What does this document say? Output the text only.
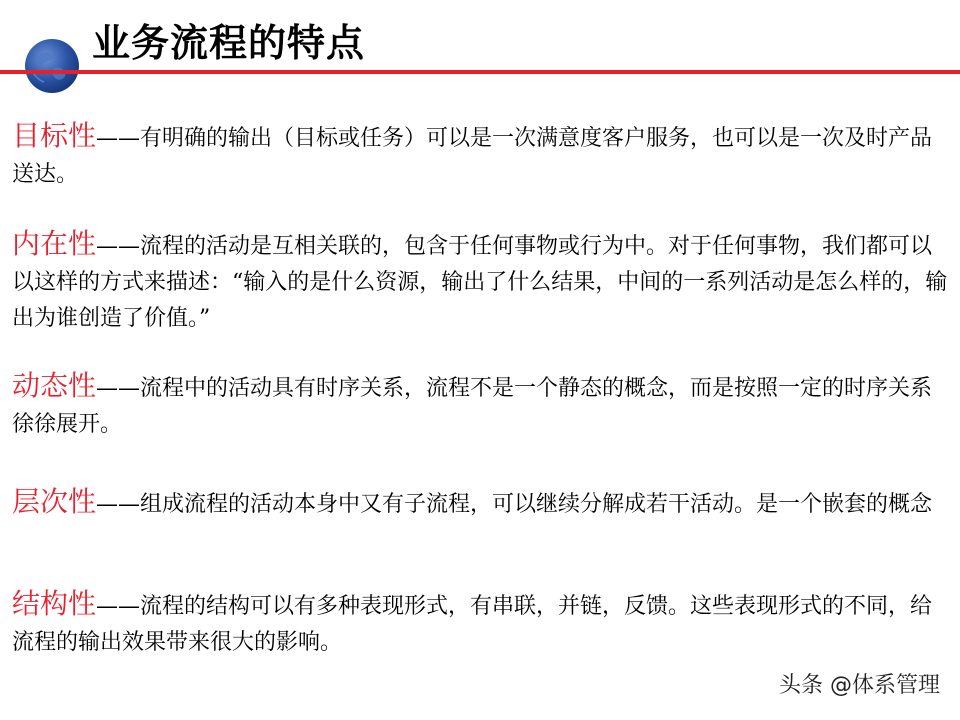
业务流程的特点
目标性——有明确的输出（目标或任务）可以是一次满意度客户服务，也可以是一次及时产品送达。
内在性——流程的活动是互相关联的，包含于任何事物或行为中。对于任何事物，我们都可以以这样的方式来描述：“输入的是什么资源，输出了什么结果，中间的一系列活动是怎么样的，输出为谁创造了价值。”
动态性——流程中的活动具有时序关系，流程不是一个静态的概念，而是按照一定的时序关系徐徐展开。
层次性——组成流程的活动本身中又有子流程，可以继续分解成若干活动。是一个嵌套的概念
结构性——流程的结构可以有多种表现形式，有串联，并链，反馈。这些表现形式的不同，给流程的输出效果带来很大的影响。
头条 @体系管理
